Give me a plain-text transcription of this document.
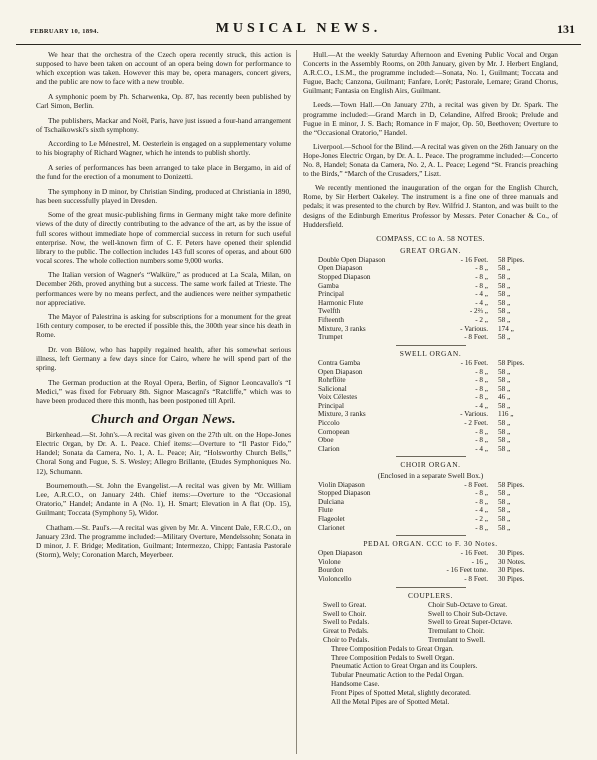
FEBRUARY 10, 1894.	MUSICAL NEWS.	131

We hear that the orchestra of the Czech opera recently struck, this action is supposed to have been taken on account of an opera being down for performance to which exception was taken. However this may be, opera managers, concert givers, and the public are now to face with a new trouble.

A symphonic poem by Ph. Scharwenka, Op. 87, has recently been published by Carl Simon, Berlin.

The publishers, Mackar and Noël, Paris, have just issued a four-hand arrangement of Tschaikowski's sixth symphony.

According to Le Ménestrel, M. Oesterlein is engaged on a supplementary volume to his biography of Richard Wagner, which he intends to publish shortly.

A series of performances has been arranged to take place in Bergamo, in aid of the fund for the erection of a monument to Donizetti.

The symphony in D minor, by Christian Sinding, produced at Christiania in 1890, has been successfully played in Dresden.

Some of the great music-publishing firms in Germany might take more definite views of the duty of directly contributing to the advance of the art, as by the issue of full scores without immediate hope of commercial success in return for such useful enterprise. Now, the well-known firm of C. F. Peters have opened their splendid library to the public. The collection includes 143 full scores of operas, and about 600 vocal scores. The whole collection numbers some 9,000 works.

The Italian version of Wagner's “Walküre,” as produced at La Scala, Milan, on December 26th, proved anything but a success. The same work failed at Trieste. The performances were by no means perfect, and the audiences were neither sympathetic nor appreciative.

The Mayor of Palestrina is asking for subscriptions for a monument for the great 16th century composer, to be erected if possible this, the 300th year since his death in Rome.

Dr. von Bülow, who has happily regained health, after his somewhat serious illness, left Germany a few days since for Cairo, where he will spend part of the spring.

The German production at the Royal Opera, Berlin, of Signor Leoncavallo's “I Medici,” was fixed for February 8th. Signor Mascagni's “Ratcliffe,” which was to have been produced there this month, has been postponed till April.

Church and Organ News.

Birkenhead.—St. John's.—A recital was given on the 27th ult. on the Hope-Jones Electric Organ, by Dr. A. L. Peace. Chief items:—Overture to “Il Pastor Fido,” Handel; Sonata da Camera, No. 1, A. L. Peace; Air, “Holsworthy Church Bells,” Choral Song and Fugue, S. S. Wesley; Allegro Brillante, (Etudes Symphoniques No. 12), Schumann.

Bournemouth.—St. John the Evangelist.—A recital was given by Mr. William Lee, A.R.C.O., on January 24th. Chief items:—Overture to the “Occasional Oratorio,” Handel; Andante in A (No. 1), H. Smart; Elevation in A flat (Op. 15), Guilmant; Toccata (Symphony 5), Widor.

Chatham.—St. Paul's.—A recital was given by Mr. A. Vincent Dale, F.R.C.O., on January 23rd. The programme included:—Military Overture, Mendelssohn; Sonata in D minor, J. F. Bridge; Meditation, Guilmant; Intermezzo, Chipp; Fantasia Pastorale (Storm), Wely; Coronation March, Meyerbeer.

Hull.—At the weekly Saturday Afternoon and Evening Public Vocal and Organ Concerts in the Assembly Rooms, on 20th January, given by Mr. J. Herbert England, A.R.C.O., I.S.M., the programme included:—Sonata, No. 1, Guilmant; Toccata and Fugue, Bach; Canzona, Guilmant; Fanfare, Lorét; Pastorale, Lemare; Grand Chorus, Guilmant; Fantasia on English Airs, Guilmant.

Leeds.—Town Hall.—On January 27th, a recital was given by Dr. Spark. The programme included:—Grand March in D, Celandine, Alfred Brook; Prelude and Fugue in E minor, J. S. Bach; Romance in F major, Op. 50, Beethoven; Overture to the “Occasional Oratorio,” Handel.

Liverpool.—School for the Blind.—A recital was given on the 26th January on the Hope-Jones Electric Organ, by Dr. A. L. Peace. The programme included:—Concerto No. 8, Handel; Sonata da Camera, No. 2, A. L. Peace; Legend “St. Francis preaching to the Birds,” “March of the Crusaders,” Liszt.

We recently mentioned the inauguration of the organ for the English Church, Rome, by Sir Herbert Oakeley. The instrument is a fine one of three manuals and pedals; it was presented to the church by Rev. Wilfrid J. Stanton, and was built to the designs of the Edinburgh Emeritus Professor by Messrs. Peter Conacher & Co., of Huddersfield.

COMPASS, CC to A. 58 NOTES.
GREAT ORGAN.
Double Open Diapason	- 16 Feet.	58 Pipes.
Open Diapason	- 8 „	58 „
Stopped Diapason	- 8 „	58 „
Gamba	- 8 „	58 „
Principal	- 4 „	58 „
Harmonic Flute	- 4 „	58 „
Twelfth	- 2⅔ „	58 „
Fifteenth	- 2 „	58 „
Mixture, 3 ranks	- Various.	174 „
Trumpet	- 8 Feet.	58 „
SWELL ORGAN.
Contra Gamba	- 16 Feet.	58 Pipes.
Open Diapason	- 8 „	58 „
Rohrflöte	- 8 „	58 „
Salicional	- 8 „	58 „
Voix Célestes	- 8 „	46 „
Principal	- 4 „	58 „
Mixture, 3 ranks	- Various.	116 „
Piccolo	- 2 Feet.	58 „
Cornopean	- 8 „	58 „
Oboe	- 8 „	58 „
Clarion	- 4 „	58 „
CHOIR ORGAN.
(Enclosed in a separate Swell Box.)
Violin Diapason	- 8 Feet.	58 Pipes.
Stopped Diapason	- 8 „	58 „
Dulciana	- 8 „	58 „
Flute	- 4 „	58 „
Flageolet	- 2 „	58 „
Clarionet	- 8 „	58 „
PEDAL ORGAN. CCC to F. 30 Notes.
Open Diapason	- 16 Feet.	30 Pipes.
Violone	- 16 „	30 Notes.
Bourdon	- 16 Feet tone.	30 Pipes.
Violoncello	- 8 Feet.	30 Pipes.
COUPLERS.
Swell to Great.	Choir Sub-Octave to Great.
Swell to Choir.	Swell to Choir Sub-Octave.
Swell to Pedals.	Swell to Great Super-Octave.
Great to Pedals.	Tremulant to Choir.
Choir to Pedals.	Tremulant to Swell.
Three Composition Pedals to Great Organ.
Three Composition Pedals to Swell Organ.
Pneumatic Action to Great Organ and its Couplers.
Tubular Pneumatic Action to the Pedal Organ.
Handsome Case.
Front Pipes of Spotted Metal, slightly decorated.
All the Metal Pipes are of Spotted Metal.
